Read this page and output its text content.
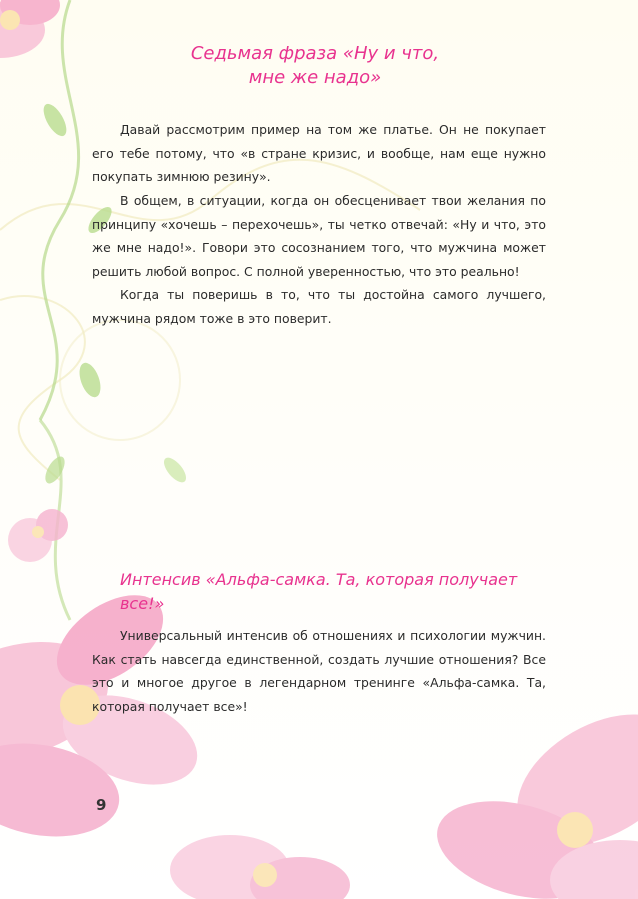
Седьмая фраза «Ну и что,
мне же надо»

Давай рассмотрим пример на том же платье. Он не покупает его тебе потому, что «в стране кризис, и вообще, нам еще нужно покупать зимнюю резину».

В общем, в ситуации, когда он обесценивает твои желания по принципу «хочешь – перехочешь», ты четко отвечай: «Ну и что, это же мне надо!». Говори это сосознанием того, что мужчина может решить любой вопрос. С полной уверенностью, что это реально!

Когда ты поверишь в то, что ты достойна самого лучшего, мужчина рядом тоже в это поверит.

Интенсив «Альфа-самка. Та, которая получает все!»

Универсальный интенсив об отношениях и психологии мужчин. Как стать навсегда единственной, создать лучшие отношения? Все это и многое другое в легендарном тренинге «Альфа-самка. Та, которая получает все»!

9
